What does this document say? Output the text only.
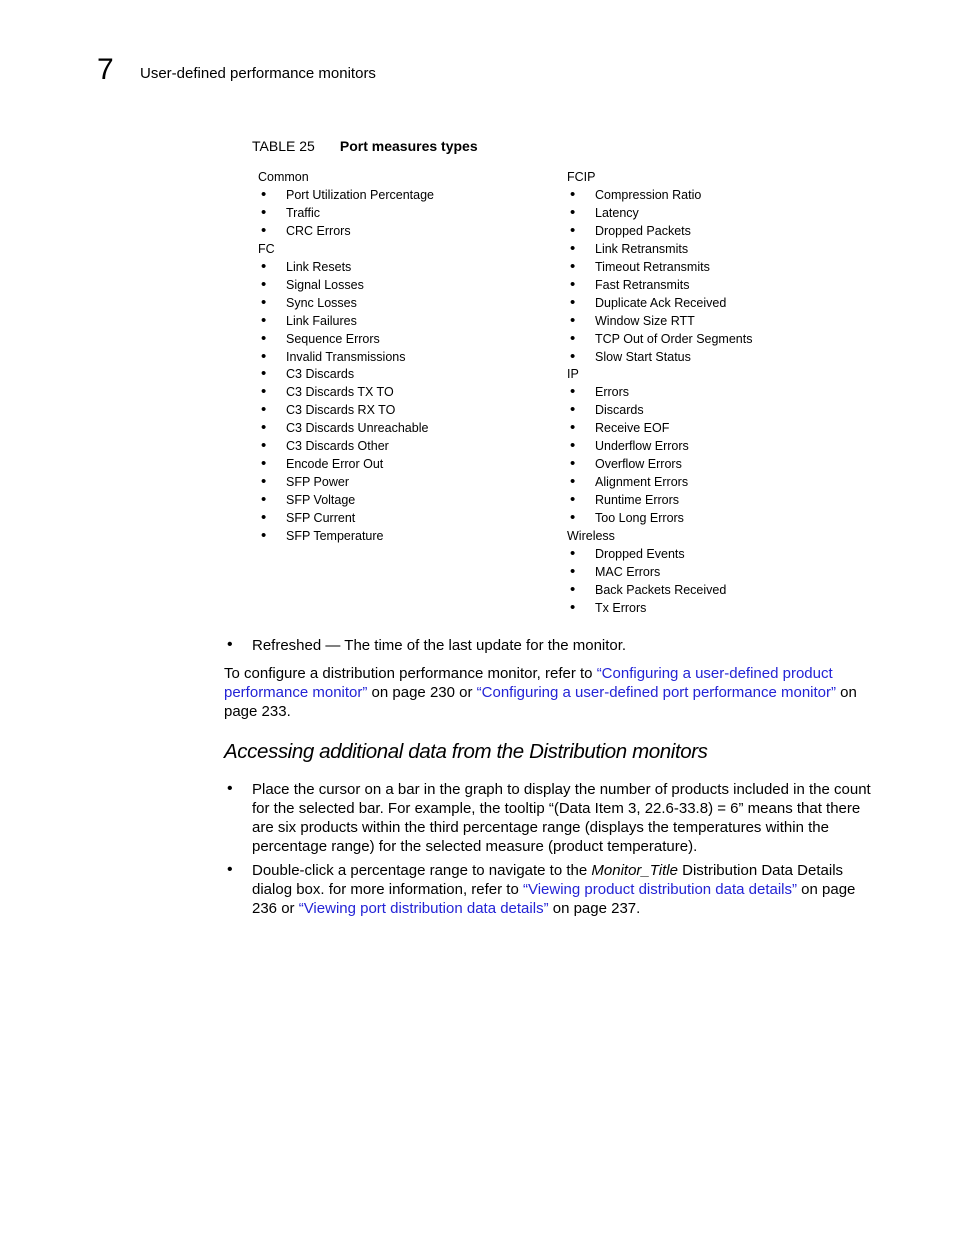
7 User-defined performance monitors
TABLE 25 Port measures types
Common
• Port Utilization Percentage
• Traffic
• CRC Errors
FC
• Link Resets
• Signal Losses
• Sync Losses
• Link Failures
• Sequence Errors
• Invalid Transmissions
• C3 Discards
• C3 Discards TX TO
• C3 Discards RX TO
• C3 Discards Unreachable
• C3 Discards Other
• Encode Error Out
• SFP Power
• SFP Voltage
• SFP Current
• SFP Temperature
FCIP
• Compression Ratio
• Latency
• Dropped Packets
• Link Retransmits
• Timeout Retransmits
• Fast Retransmits
• Duplicate Ack Received
• Window Size RTT
• TCP Out of Order Segments
• Slow Start Status
IP
• Errors
• Discards
• Receive EOF
• Underflow Errors
• Overflow Errors
• Alignment Errors
• Runtime Errors
• Too Long Errors
Wireless
• Dropped Events
• MAC Errors
• Back Packets Received
• Tx Errors
• Refreshed — The time of the last update for the monitor.
To configure a distribution performance monitor, refer to “Configuring a user-defined product performance monitor” on page 230 or “Configuring a user-defined port performance monitor” on page 233.
Accessing additional data from the Distribution monitors
• Place the cursor on a bar in the graph to display the number of products included in the count for the selected bar. For example, the tooltip “(Data Item 3, 22.6-33.8) = 6” means that there are six products within the third percentage range (displays the temperatures within the percentage range) for the selected measure (product temperature).
• Double-click a percentage range to navigate to the Monitor_Title Distribution Data Details dialog box. for more information, refer to “Viewing product distribution data details” on page 236 or “Viewing port distribution data details” on page 237.
